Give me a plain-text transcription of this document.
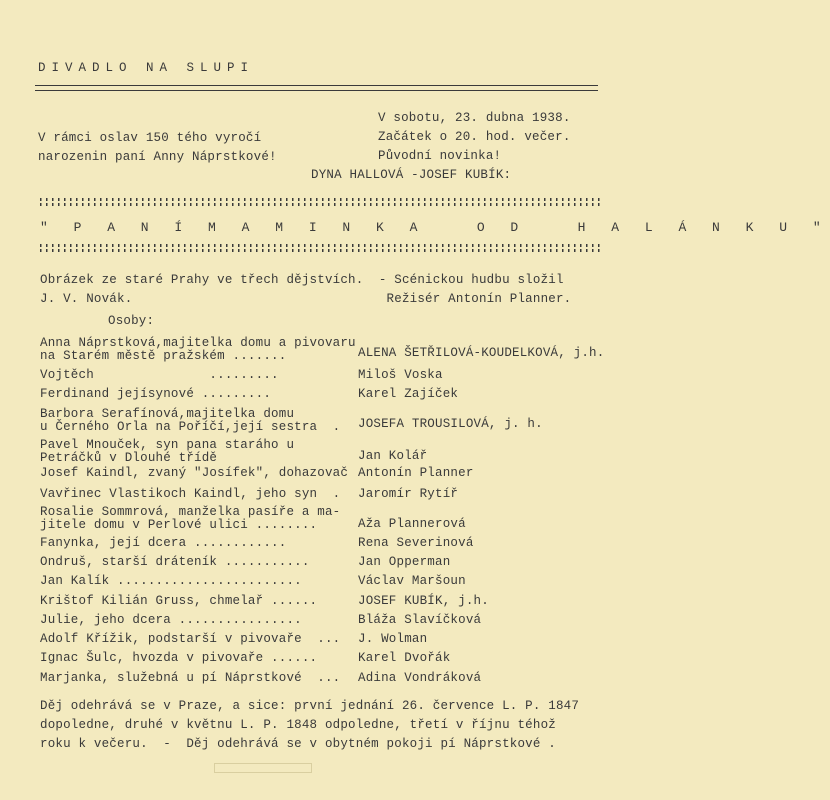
DIVADLO NA SLUPI
V rámci oslav 150 tého vyročí
narozenin paní Anny Náprstkové!
V sobotu, 23. dubna 1938.
Začátek o 20. hod. večer.
Původní novinka!
DYNA HALLOVÁ -JOSEF KUBÍK:
" P A N Í M A M I N K A   O D   H A L Á N K U "
Obrázek ze staré Prahy ve třech dějstvích.  - Scénickou hudbu složil
J. V. Novák.                                 Režisér Antonín Planner.
Osoby:
Anna Náprstková,majitelka domu a pivovaru
na Starém městě pražském .......	ALENA ŠETŘILOVÁ-KOUDELKOVÁ, j.h.
Vojtěch               .........	Miloš Voska
Ferdinand jejísynové .........	Karel Zajíček
Barbora Serafínová,majitelka domu
u Černého Orla na Poříčí,její sestra  . JOSEFA TROUSILOVÁ, j. h.
Pavel Mnouček, syn pana staráho u
Petráčků v Dlouhé třídě	Jan Kolář
Josef Kaindl, zvaný "Josífek", dohazovač Antonín Planner
Vavřinec Vlastikoch Kaindl, jeho syn  . Jaromír Rytíř
Rosalie Sommrová, manželka pasíře a ma-
jitele domu v Perlové ulici ........	Aža Plannerová
Fanynka, její dcera ............	Rena Severinová
Ondruš, starší dráteník ...........	Jan Opperman
Jan Kalík ........................	Václav Maršoun
Krištof Kilián Gruss, chmelař ......	JOSEF KUBÍK, j.h.
Julie, jeho dcera ................	Bláža Slavíčková
Adolf Křížik, podstarší v pivovaře  ... J. Wolman
Ignac Šulc, hvozda v pivovaře ......	Karel Dvořák
Marjanka, služebná u pí Náprstkové  ... Adina Vondráková
Děj odehrává se v Praze, a sice: první jednání 26. července L. P. 1847
dopoledne, druhé v květnu L. P. 1848 odpoledne, třetí v říjnu téhož
roku k večeru.  -  Děj odehrává se v obytném pokoji pí Náprstkové .
